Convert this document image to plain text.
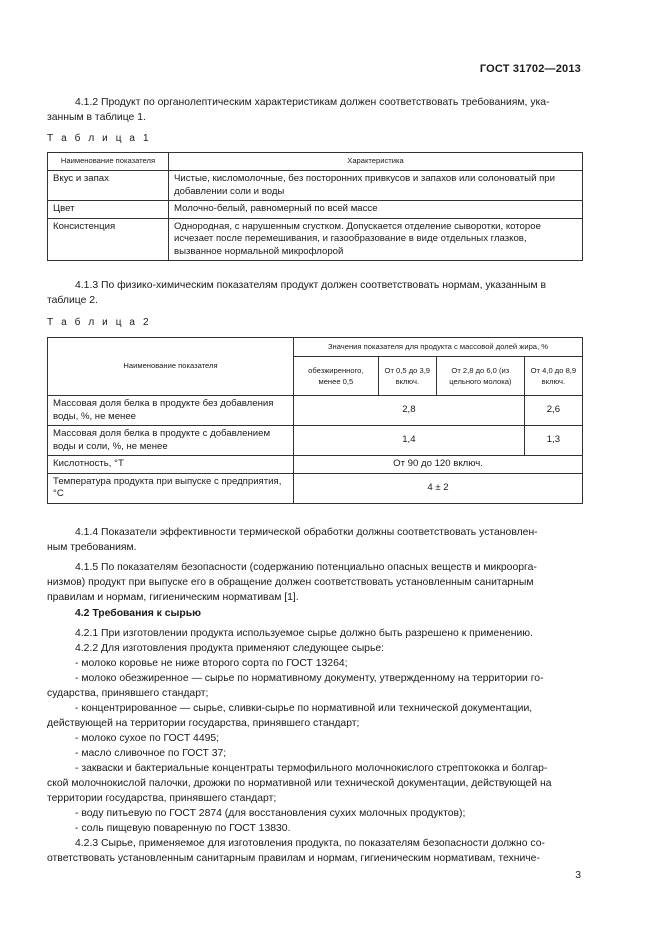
ГОСТ 31702—2013
4.1.2 Продукт по органолептическим характеристикам должен соответствовать требованиям, ука-
занным в таблице 1.
Т а б л и ц а 1
Наименование показателя	Характеристика
Вкус и запах	Чистые, кисломолочные, без посторонних привкусов и запахов или солоноватый при добавлении соли и воды
Цвет	Молочно-белый, равномерный по всей массе
Консистенция	Однородная, с нарушенным сгустком. Допускается отделение сыворотки, которое исчезает после перемешивания, и газообразование в виде отдельных глазков, вызванное нормальной микрофлорой
4.1.3 По физико-химическим показателям продукт должен соответствовать нормам, указанным в
таблице 2.
Т а б л и ц а 2
Наименование показателя	Значения показателя для продукта с массовой долей жира, %			
	обезжиренного, менее 0,5	От 0,5 до 3,9 включ.	От 2,8 до 6,0 (из цельного молока)	От 4,0 до 8,9 включ.
Массовая доля белка в продукте без добавления воды, %, не менее	2,8			2,6
Массовая доля белка в продукте с добавлением воды и соли, %, не менее	1,4			1,3
Кислотность, °Т	От 90 до 120 включ.			
Температура продукта при выпуске с предприятия, °С	4 ± 2			
4.1.4 Показатели эффективности термической обработки должны соответствовать установлен-
ным требованиям.
4.1.5 По показателям безопасности (содержанию потенциально опасных веществ и микроорга-
низмов) продукт при выпуске его в обращение должен соответствовать установленным санитарным
правилам и нормам, гигиеническим нормативам [1].
4.2 Требования к сырью
4.2.1 При изготовлении продукта используемое сырье должно быть разрешено к применению.
4.2.2 Для изготовления продукта применяют следующее сырье:
- молоко коровье не ниже второго сорта по ГОСТ 13264;
- молоко обезжиренное — сырье по нормативному документу, утвержденному на территории го-
сударства, принявшего стандарт;
- концентрированное — сырье, сливки-сырье по нормативной или технической документации,
действующей на территории государства, принявшего стандарт;
- молоко сухое по ГОСТ 4495;
- масло сливочное по ГОСТ 37;
- закваски и бактериальные концентраты термофильного молочнокислого стрептококка и болгар-
ской молочнокислой палочки, дрожжи по нормативной или технической документации, действующей на
территории государства, принявшего стандарт;
- воду питьевую по ГОСТ 2874 (для восстановления сухих молочных продуктов);
- соль пищевую поваренную по ГОСТ 13830.
4.2.3 Сырье, применяемое для изготовления продукта, по показателям безопасности должно со-
ответствовать установленным санитарным правилам и нормам, гигиеническим нормативам, техниче-
3
